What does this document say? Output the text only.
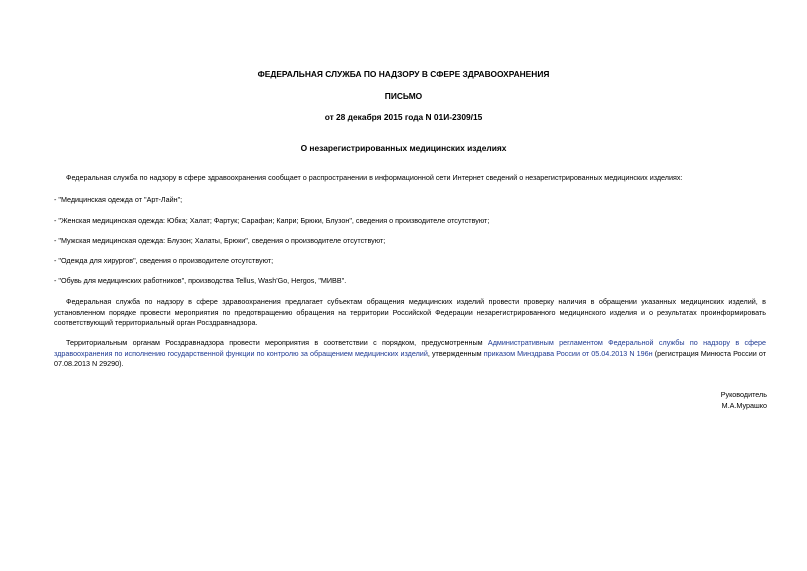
ФЕДЕРАЛЬНАЯ СЛУЖБА ПО НАДЗОРУ В СФЕРЕ ЗДРАВООХРАНЕНИЯ
ПИСЬМО
от 28 декабря 2015 года N 01И-2309/15
О незарегистрированных медицинских изделиях
Федеральная служба по надзору в сфере здравоохранения сообщает о распространении в информационной сети Интернет сведений о незарегистрированных медицинских изделиях:
- "Медицинская одежда от "Арт-Лайн";
- "Женская медицинская одежда: Юбка; Халат; Фартук; Сарафан; Капри; Брюки, Блузон", сведения о производителе отсутствуют;
- "Мужская медицинская одежда: Блузон; Халаты, Брюки", сведения о производителе отсутствуют;
- "Одежда для хирургов", сведения о производителе отсутствуют;
- "Обувь для медицинских работников", производства Tellus, Wash'Go, Hergos, "МИВВ".
Федеральная служба по надзору в сфере здравоохранения предлагает субъектам обращения медицинских изделий провести проверку наличия в обращении указанных медицинских изделий, в установленном порядке провести мероприятия по предотвращению обращения на территории Российской Федерации незарегистрированного медицинского изделия и о результатах проинформировать соответствующий территориальный орган Росздравнадзора.
Территориальным органам Росздравнадзора провести мероприятия в соответствии с порядком, предусмотренным Административным регламентом Федеральной службы по надзору в сфере здравоохранения по исполнению государственной функции по контролю за обращением медицинских изделий, утвержденным приказом Минздрава России от 05.04.2013 N 196н (регистрация Минюста России от 07.08.2013 N 29290).
Руководитель
М.А.Мурашко
